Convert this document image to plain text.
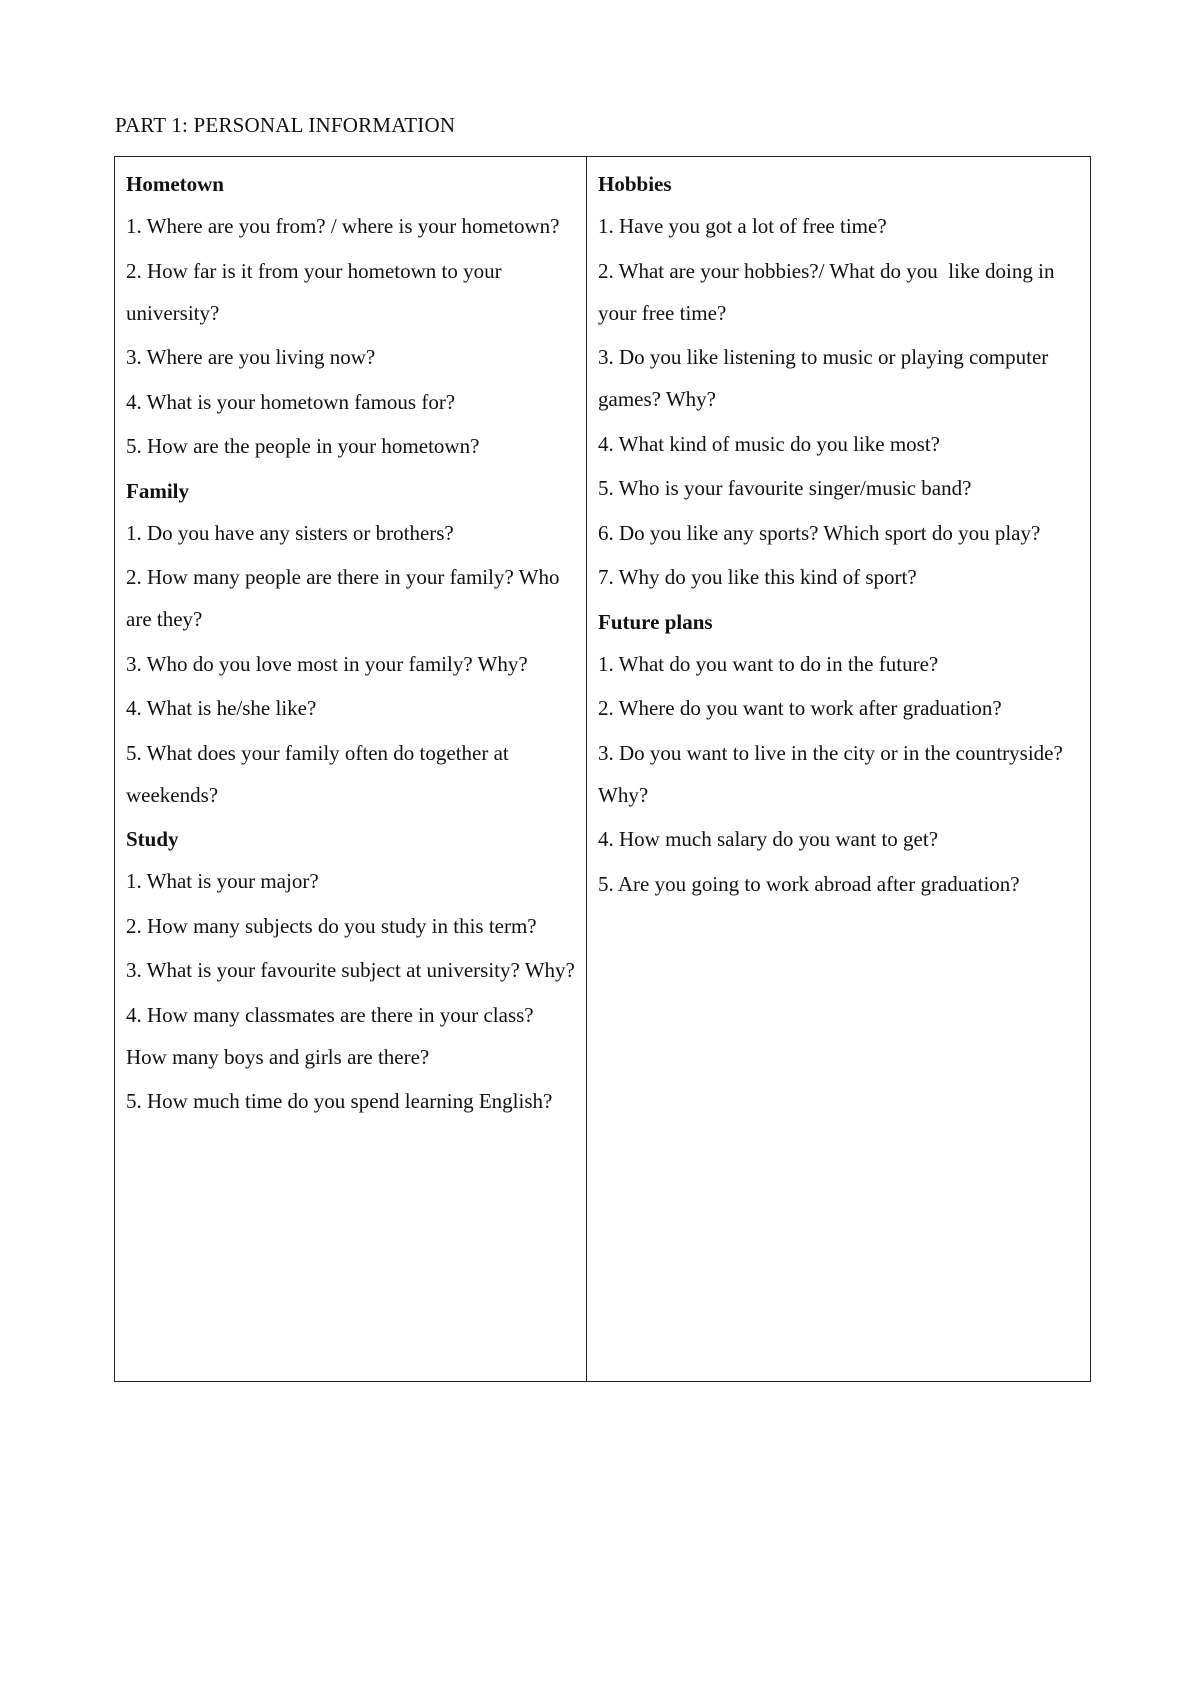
PART 1: PERSONAL INFORMATION

Hometown

1. Where are you from? / where is your hometown?
2. How far is it from your hometown to your university?
3. Where are you living now?
4. What is your hometown famous for?
5. How are the people in your hometown?

Family

1. Do you have any sisters or brothers?
2. How many people are there in your family? Who are they?
3. Who do you love most in your family? Why?
4. What is he/she like?
5. What does your family often do together at weekends?

Study

1. What is your major?
2. How many subjects do you study in this term?
3. What is your favourite subject at university? Why?
4. How many classmates are there in your class?     How many boys and girls are there?
5. How much time do you spend learning English?

Hobbies

1. Have you got a lot of free time?
2. What are your hobbies?/ What do you  like doing in your free time?
3. Do you like listening to music or playing computer games? Why?
4. What kind of music do you like most?
5. Who is your favourite singer/music band?
6. Do you like any sports? Which sport do you play?
7. Why do you like this kind of sport?

Future plans

1. What do you want to do in the future?
2. Where do you want to work after graduation?
3. Do you want to live in the city or in the countryside? Why?
4. How much salary do you want to get?
5. Are you going to work abroad after graduation?
